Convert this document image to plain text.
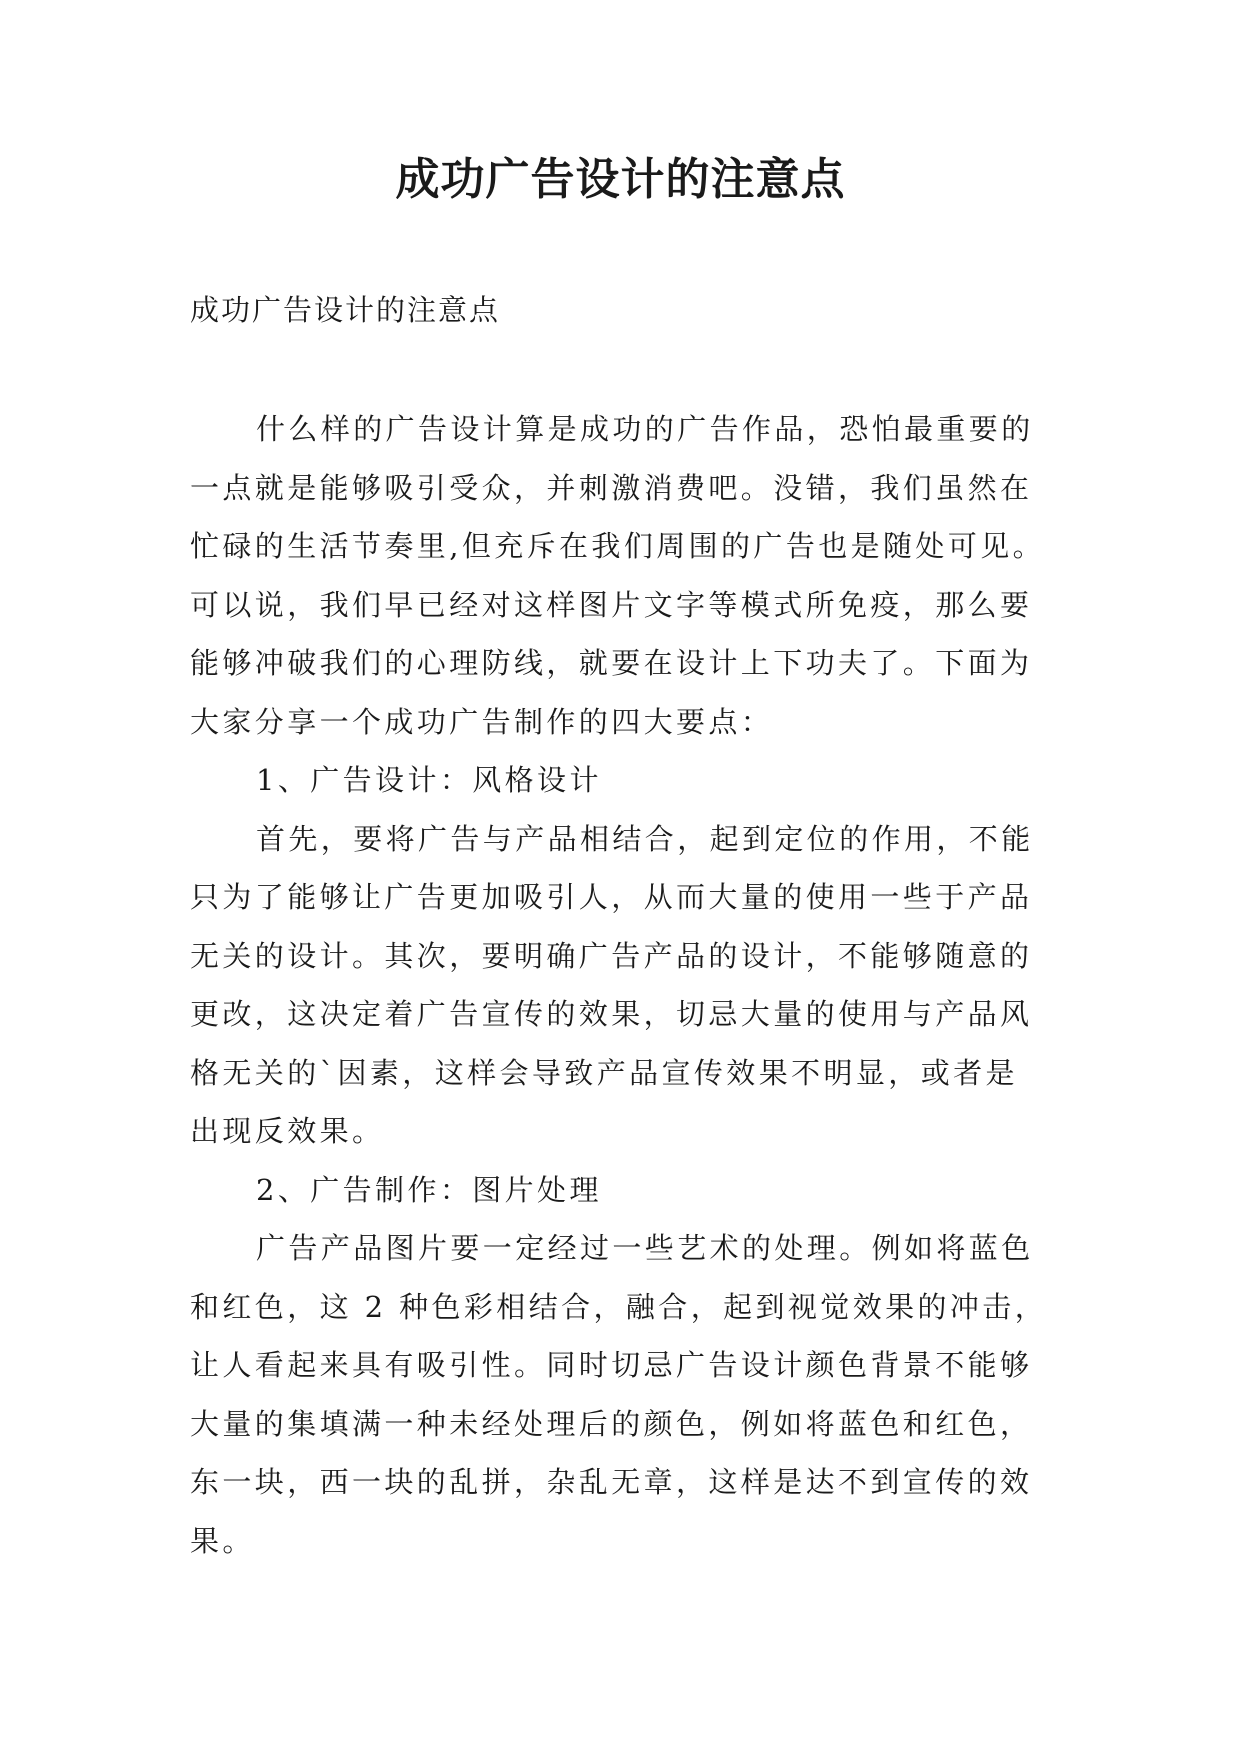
成功广告设计的注意点

成功广告设计的注意点

什么样的广告设计算是成功的广告作品，恐怕最重要的

一点就是能够吸引受众，并刺激消费吧。没错，我们虽然在

忙碌的生活节奏里,但充斥在我们周围的广告也是随处可见。

可以说，我们早已经对这样图片文字等模式所免疫，那么要

能够冲破我们的心理防线，就要在设计上下功夫了。下面为

大家分享一个成功广告制作的四大要点：

1、广告设计：风格设计

首先，要将广告与产品相结合，起到定位的作用，不能

只为了能够让广告更加吸引人，从而大量的使用一些于产品

无关的设计。其次，要明确广告产品的设计，不能够随意的

更改，这决定着广告宣传的效果，切忌大量的使用与产品风

格无关的`因素，这样会导致产品宣传效果不明显，或者是

出现反效果。

2、广告制作：图片处理

广告产品图片要一定经过一些艺术的处理。例如将蓝色

和红色，这 2 种色彩相结合，融合，起到视觉效果的冲击，

让人看起来具有吸引性。同时切忌广告设计颜色背景不能够

大量的集填满一种未经处理后的颜色，例如将蓝色和红色，

东一块，西一块的乱拼，杂乱无章，这样是达不到宣传的效

果。
